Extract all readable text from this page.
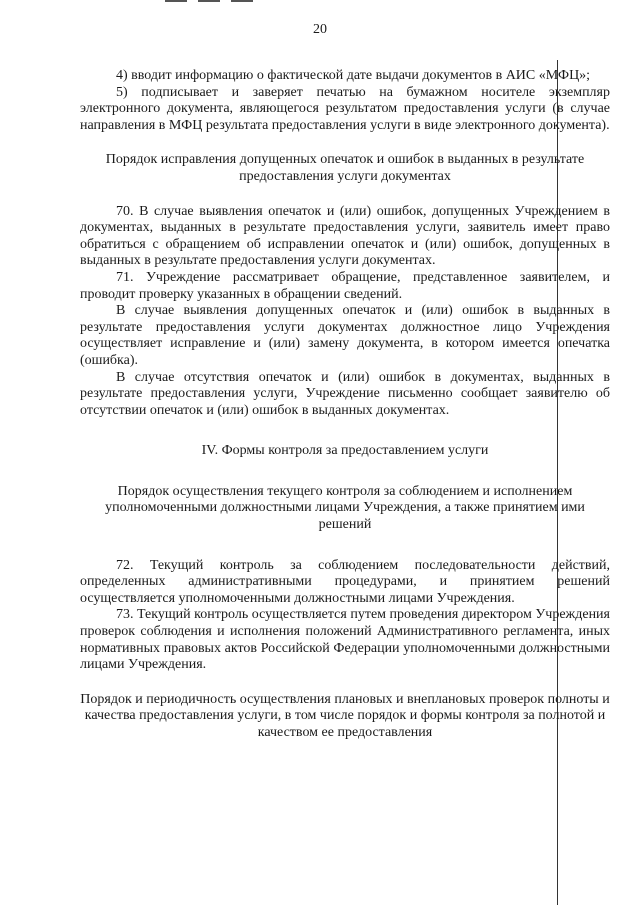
20

4) вводит информацию о фактической дате выдачи документов в АИС «МФЦ»;

5) подписывает и заверяет печатью на бумажном носителе экземпляр электронного документа, являющегося результатом предоставления услуги (в случае направления в МФЦ результата предоставления услуги в виде электронного документа).

Порядок исправления допущенных опечаток и ошибок в выданных в результате предоставления услуги документах

70. В случае выявления опечаток и (или) ошибок, допущенных Учреждением в документах, выданных в результате предоставления услуги, заявитель имеет право обратиться с обращением об исправлении опечаток и (или) ошибок, допущенных в выданных в результате предоставления услуги документах.

71. Учреждение рассматривает обращение, представленное заявителем, и проводит проверку указанных в обращении сведений.

В случае выявления допущенных опечаток и (или) ошибок в выданных в результате предоставления услуги документах должностное лицо Учреждения осуществляет исправление и (или) замену документа, в котором имеется опечатка (ошибка).

В случае отсутствия опечаток и (или) ошибок в документах, выданных в результате предоставления услуги, Учреждение письменно сообщает заявителю об отсутствии опечаток и (или) ошибок в выданных документах.

IV. Формы контроля за предоставлением услуги

Порядок осуществления текущего контроля за соблюдением и исполнением уполномоченными должностными лицами Учреждения, а также принятием ими решений

72. Текущий контроль за соблюдением последовательности действий, определенных административными процедурами, и принятием решений осуществляется уполномоченными должностными лицами Учреждения.

73. Текущий контроль осуществляется путем проведения директором Учреждения проверок соблюдения и исполнения положений Административного регламента, иных нормативных правовых актов Российской Федерации уполномоченными должностными лицами Учреждения.

Порядок и периодичность осуществления плановых и внеплановых проверок полноты и качества предоставления услуги, в том числе порядок и формы контроля за полнотой и качеством ее предоставления
